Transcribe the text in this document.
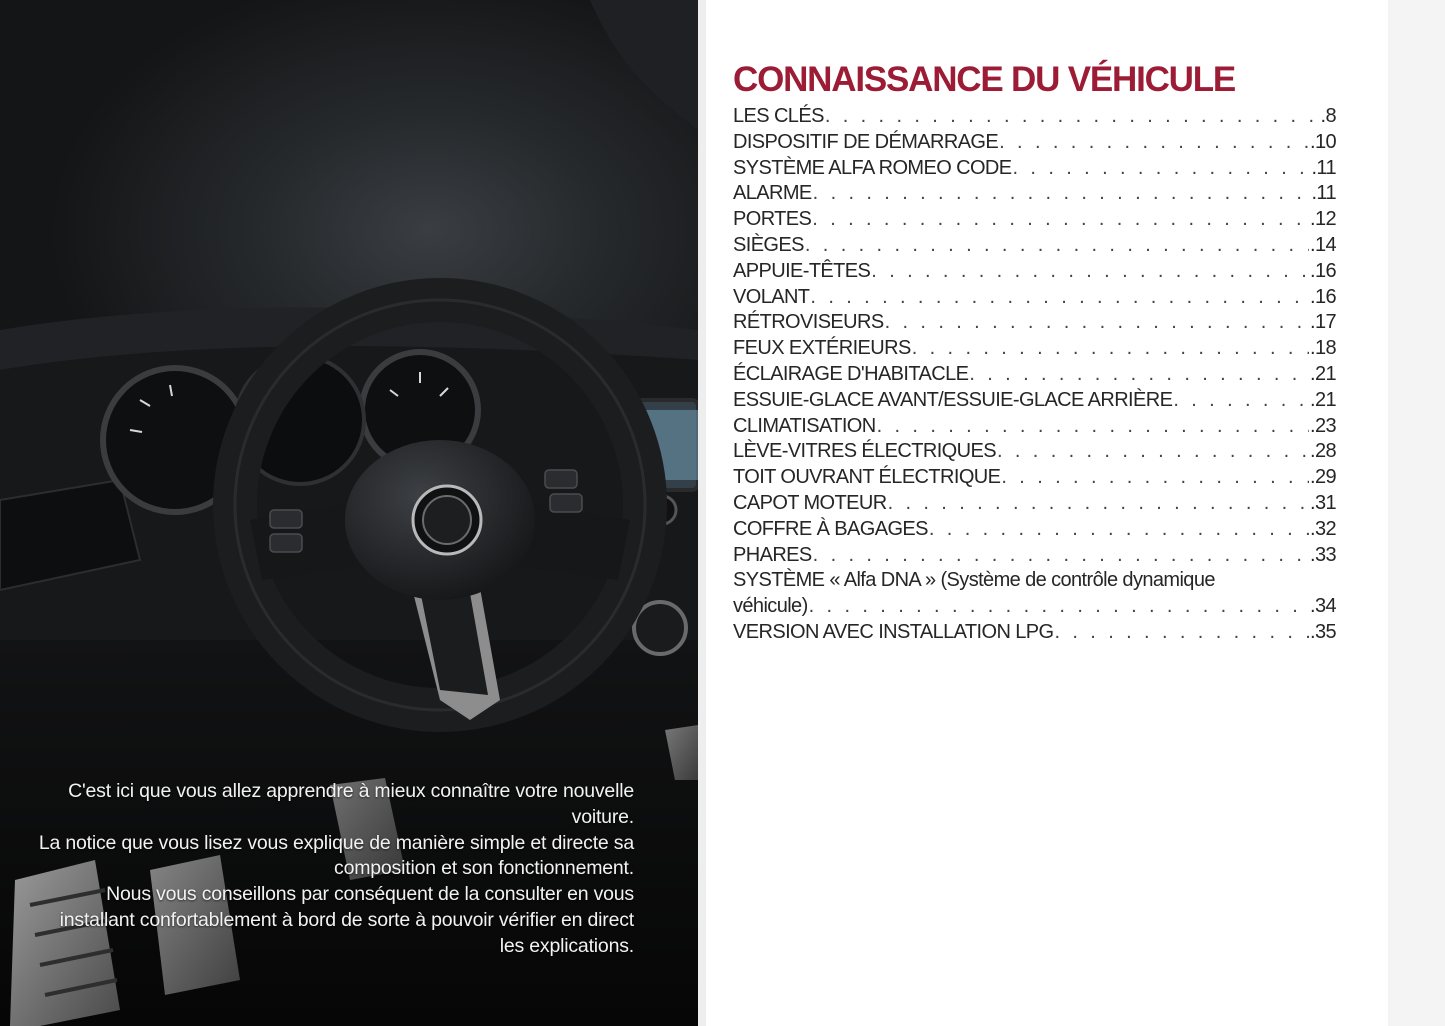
C'est ici que vous allez apprendre à mieux connaître votre nouvelle voiture.

La notice que vous lisez vous explique de manière simple et directe sa composition et son fonctionnement.

Nous vous conseillons par conséquent de la consulter en vous installant confortablement à bord de sorte à pouvoir vérifier en direct les explications.

CONNAISSANCE DU VÉHICULE
LES CLÉS . . .	.8
DISPOSITIF DE DÉMARRAGE . . .	.10
SYSTÈME ALFA ROMEO CODE . . .	.11
ALARME . . .	.11
PORTES . . .	.12
SIÈGES . . .	.14
APPUIE-TÊTES . . .	.16
VOLANT . . .	.16
RÉTROVISEURS . . .	.17
FEUX EXTÉRIEURS . . .	.18
ÉCLAIRAGE D'HABITACLE . . .	.21
ESSUIE-GLACE AVANT/ESSUIE-GLACE ARRIÈRE . . .	.21
CLIMATISATION . . .	.23
LÈVE-VITRES ÉLECTRIQUES . . .	.28
TOIT OUVRANT ÉLECTRIQUE . . .	.29
CAPOT MOTEUR . . .	.31
COFFRE À BAGAGES . . .	.32
PHARES . . .	.33
SYSTÈME « Alfa DNA » (Système de contrôle dynamique
véhicule) . . .	.34
VERSION AVEC INSTALLATION LPG . . .	.35
